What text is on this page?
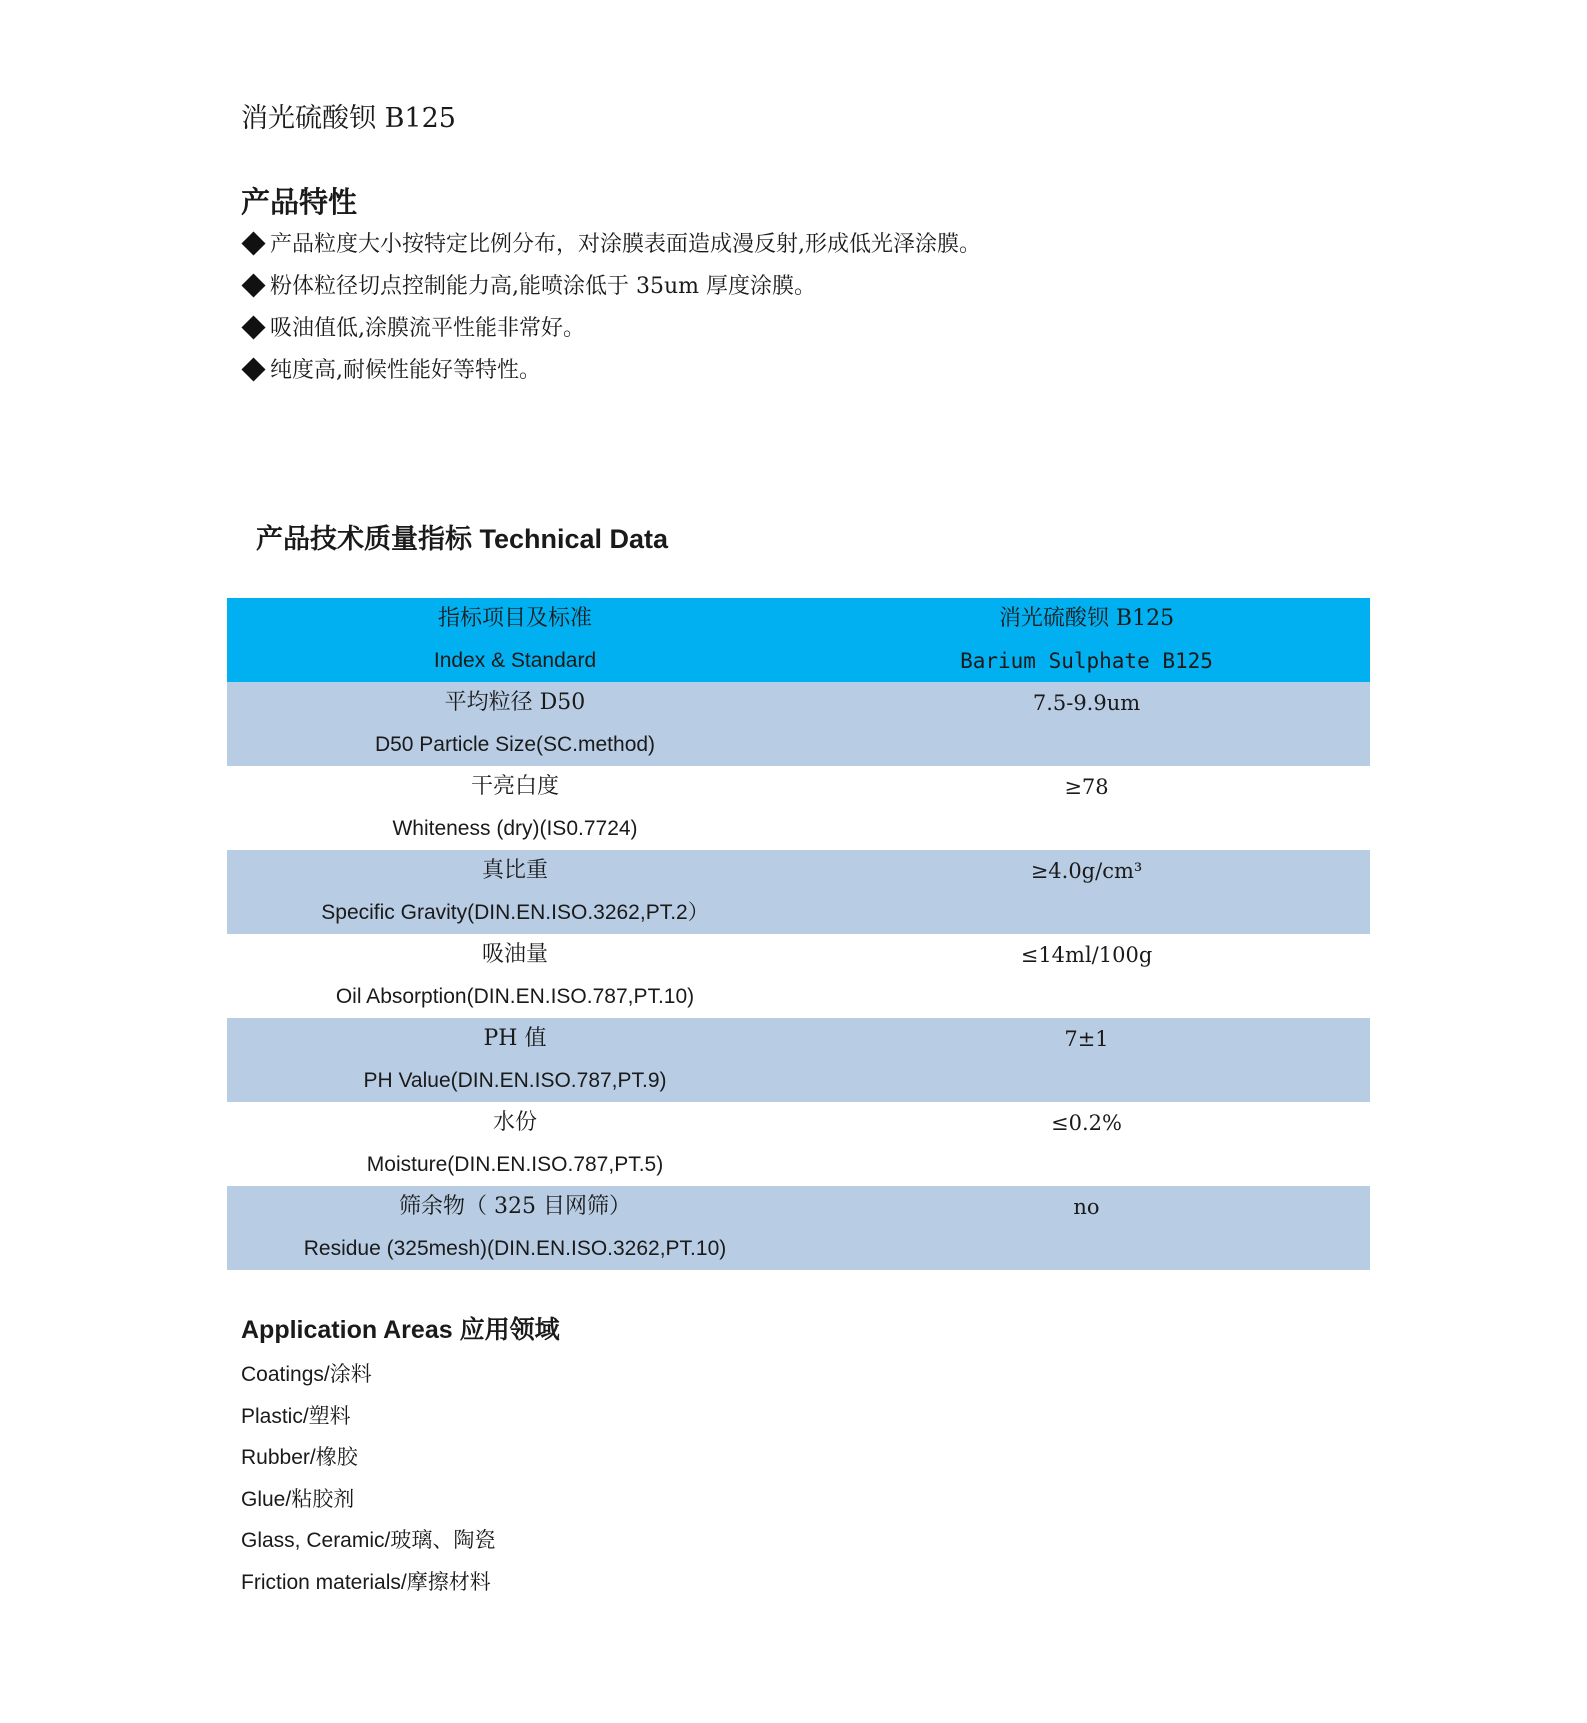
消光硫酸钡 B125
产品特性
产品粒度大小按特定比例分布，对涂膜表面造成漫反射,形成低光泽涂膜。
粉体粒径切点控制能力高,能喷涂低于 35um 厚度涂膜。
吸油值低,涂膜流平性能非常好。
纯度高,耐候性能好等特性。
产品技术质量指标 Technical Data
指标项目及标准
Index & Standard	消光硫酸钡 B125
Barium Sulphate B125

平均粒径 D50
D50 Particle Size(SC.method)	7.5-9.9um

干亮白度
Whiteness (dry)(IS0.7724)	≥78

真比重
Specific Gravity(DIN.EN.ISO.3262,PT.2）	≥4.0g/cm³

吸油量
Oil Absorption(DIN.EN.ISO.787,PT.10)	≤14ml/100g

PH 值
PH Value(DIN.EN.ISO.787,PT.9)	7±1

水份
Moisture(DIN.EN.ISO.787,PT.5)	≤0.2%

筛余物（ 325 目网筛）
Residue (325mesh)(DIN.EN.ISO.3262,PT.10)	no
Application Areas 应用领域
Coatings/涂料
Plastic/塑料
Rubber/橡胶
Glue/粘胶剂
Glass, Ceramic/玻璃、陶瓷
Friction materials/摩擦材料
